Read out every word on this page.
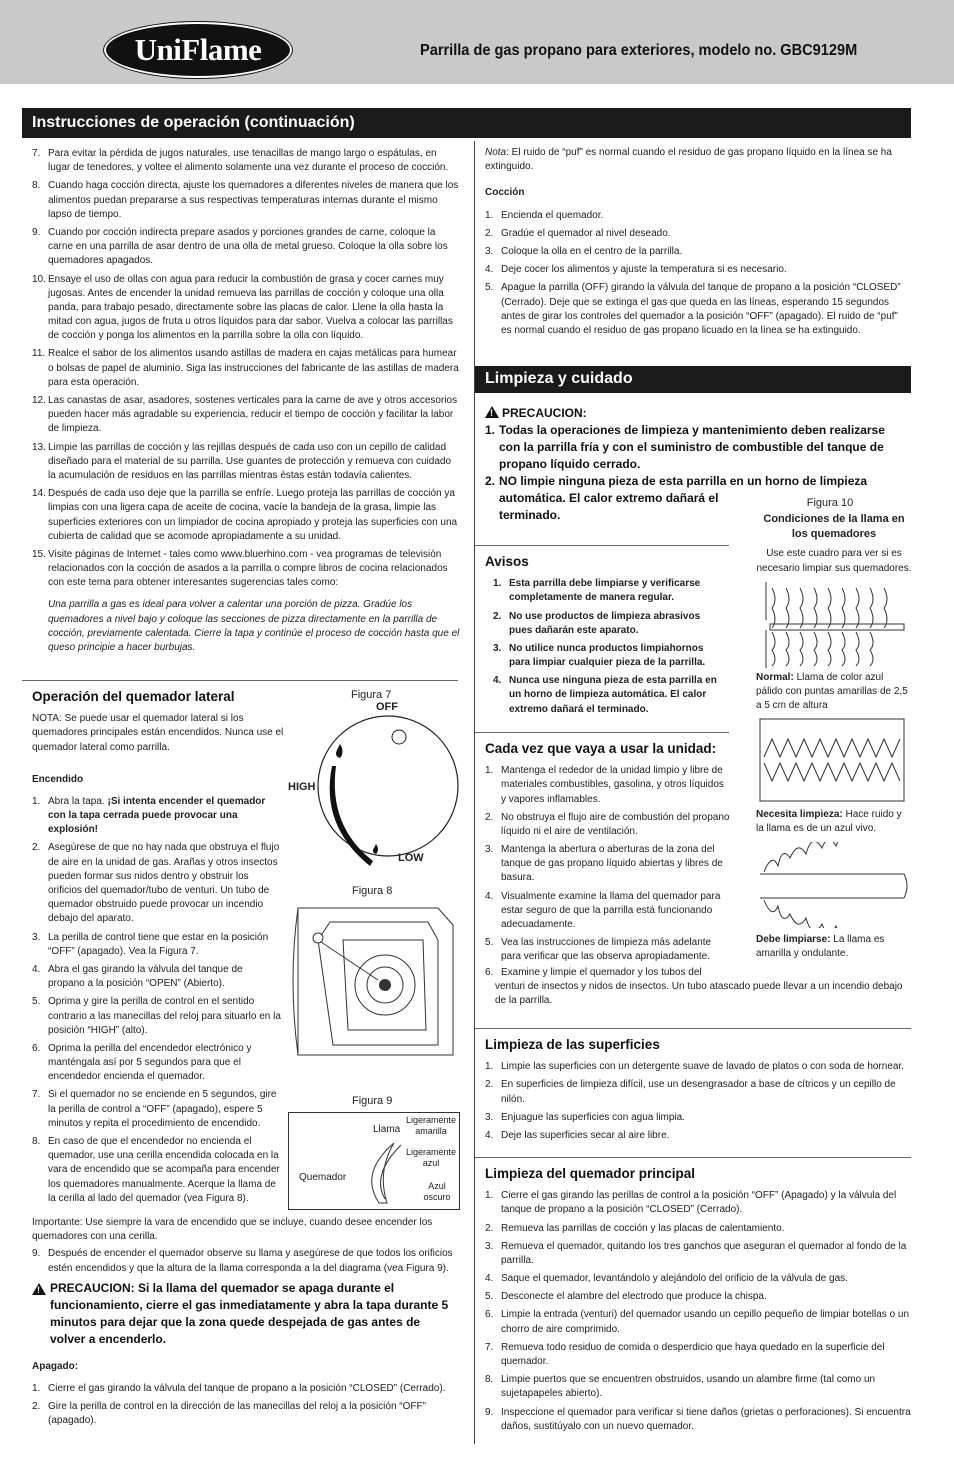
UniFlame	Parrilla de gas propano para exteriores, modelo no. GBC9129M
Instrucciones de operación (continuación)
7. Para evitar la pérdida de jugos naturales, use tenacillas de mango largo o espátulas, en lugar de tenedores, y voltee el alimento solamente una vez durante el proceso de cocción.
8. Cuando haga cocción directa, ajuste los quemadores a diferentes niveles de manera que los alimentos puedan prepararse a sus respectivas temperaturas internas durante el mismo lapso de tiempo.
9. Cuando por cocción indirecta prepare asados y porciones grandes de carne, coloque la carne en una parrilla de asar dentro de una olla de metal grueso. Coloque la olla sobre los quemadores apagados.
10. Ensaye el uso de ollas con agua para reducir la combustión de grasa y cocer carnes muy jugosas. Antes de encender la unidad remueva las parrillas de cocción y coloque una olla panda, para trabajo pesado, directamente sobre las placas de calor. Llene la olla hasta la mitad con agua, jugos de fruta u otros líquidos para dar sabor. Vuelva a colocar las parrillas de cocción y ponga los alimentos en la parrilla sobre la olla con líquido.
11. Realce el sabor de los alimentos usando astillas de madera en cajas metálicas para humear o bolsas de papel de aluminio. Siga las instrucciones del fabricante de las astillas de madera para esta operación.
12. Las canastas de asar, asadores, sostenes verticales para la carne de ave y otros accesorios pueden hacer más agradable su experiencia, reducir el tiempo de cocción y facilitar la labor de limpieza.
13. Limpie las parrillas de cocción y las rejillas después de cada uso con un cepillo de calidad diseñado para el material de su parrilla. Use guantes de protección y remueva con cuidado la acumulación de residuos en las parrillas mientras éstas están todavía calientes.
14. Después de cada uso deje que la parrilla se enfríe. Luego proteja las parrillas de cocción ya limpias con una ligera capa de aceite de cocina, vacíe la bandeja de la grasa, limpie las superficies exteriores con un limpiador de cocina apropiado y proteja las superficies con una cubierta de calidad que se acomode apropiadamente a su unidad.
15. Visite páginas de Internet - tales como www.bluerhino.com - vea programas de televisión relacionados con la cocción de asados a la parrilla o compre libros de cocina relacionados con este tema para obtener interesantes sugerencias tales como:
Una parrilla a gas es ideal para volver a calentar una porción de pizza. Gradúe los quemadores a nivel bajo y coloque las secciones de pizza directamente en la parrilla de cocción, previamente calentada. Cierre la tapa y continúe el proceso de cocción hasta que el queso principie a hacer burbujas.
Operación del quemador lateral
NOTA: Se puede usar el quemador lateral si los quemadores principales están encendidos. Nunca use el quemador lateral como parrilla.
Encendido
1. Abra la tapa. ¡Si intenta encender el quemador con la tapa cerrada puede provocar una explosión!
2. Asegúrese de que no hay nada que obstruya el flujo de aire en la unidad de gas. Arañas y otros insectos pueden formar sus nidos dentro y obstruir los orificios del quemador/tubo de venturi. Un tubo de quemador obstruido puede provocar un incendio debajo del aparato.
3. La perilla de control tiene que estar en la posición “OFF” (apagado). Vea la Figura 7.
4. Abra el gas girando la válvula del tanque de propano a la posición “OPEN” (Abierto).
5. Oprima y gire la perilla de control en el sentido contrario a las manecillas del reloj para situarlo en la posición “HIGH” (alto).
6. Oprima la perilla del encendedor electrónico y manténgala así por 5 segundos para que el encendedor encienda el quemador.
7. Si el quemador no se enciende en 5 segundos, gire la perilla de control a “OFF” (apagado), espere 5 minutos y repita el procedimiento de encendido.
8. En caso de que el encendedor no encienda el quemador, use una cerilla encendida colocada en la vara de encendido que se acompaña para encender los quemadores manualmente. Acerque la llama de la cerilla al lado del quemador (vea Figura 8).
Importante: Use siempre la vara de encendido que se incluye, cuando desee encender los quemadores con una cerilla.
9. Después de encender el quemador observe su llama y asegúrese de que todos los orificios estén encendidos y que la altura de la llama corresponda a la del diagrama (vea Figura 9).
!
PRECAUCION: Si la llama del quemador se apaga durante el funcionamiento, cierre el gas inmediatamente y abra la tapa durante 5 minutos para dejar que la zona quede despejada de gas antes de volver a encenderlo.
Apagado:
1. Cierre el gas girando la válvula del tanque de propano a la posición “CLOSED” (Cerrado).
2. Gire la perilla de control en la dirección de las manecillas del reloj a la posición “OFF” (apagado).
Figura 7
OFF
HIGH
LOW
Figura 8
Figura 9
Llama
Quemador
Ligeramente amarilla
Ligeramente azul
Azul oscuro
Nota: El ruido de “puf” es normal cuando el residuo de gas propano líquido en la línea se ha extinguido.
Cocción
1. Encienda el quemador.
2. Gradúe el quemador al nivel deseado.
3. Coloque la olla en el centro de la parrilla.
4. Deje cocer los alimentos y ajuste la temperatura si es necesario.
5. Apague la parrilla (OFF) girando la válvula del tanque de propano a la posición “CLOSED” (Cerrado). Deje que se extinga el gas que queda en las líneas, esperando 15 segundos antes de girar los controles del quemador a la posición “OFF” (apagado). El ruido de “puf” es normal cuando el residuo de gas propano licuado en la línea se ha extinguido.
Limpieza y cuidado
!PRECAUCION:
1. Todas la operaciones de limpieza y mantenimiento deben realizarse con la parrilla fría y con el suministro de combustible del tanque de propano líquido cerrado.
2. NO limpie ninguna pieza de esta parrilla en un horno de limpieza
automática. El calor extremo dañará el terminado.
Avisos
1. Esta parrilla debe limpiarse y verificarse completamente de manera regular.
2. No use productos de limpieza abrasivos pues dañarán este aparato.
3. No utilice nunca productos limpiahornos para limpiar cualquier pieza de la parrilla.
4. Nunca use ninguna pieza de esta parrilla en un horno de limpieza automática. El calor extremo dañará el terminado.
Cada vez que vaya a usar la unidad:
1. Mantenga el rededor de la unidad limpio y libre de materiales combustibles, gasolina, y otros líquidos y vapores inflamables.
2. No obstruya el flujo aire de combustión del propano líquido ni el aire de ventilación.
3. Mantenga la abertura o aberturas de la zona del tanque de gas propano líquido abiertas y libres de basura.
4. Visualmente examine la llama del quemador para estar seguro de que la parrilla está funcionando adecuadamente.
5. Vea las instrucciones de limpieza más adelante para verificar que las observa apropiadamente.
6. Examine y limpie el quemador y los tubos del
venturi de insectos y nidos de insectos. Un tubo atascado puede llevar a un incendio debajo de la parrilla.
Figura 10
Condiciones de la llama en los quemadores
Use este cuadro para ver si es necesario limpiar sus quemadores.
Normal: Llama de color azul pálido con puntas amarillas de 2,5 a 5 cm de altura
Necesita limpieza: Hace ruido y la llama es de un azul vivo.
Debe limpiarse: La llama es amarilla y ondulante.
Limpieza de las superficies
1. Limpie las superficies con un detergente suave de lavado de platos o con soda de hornear.
2. En superficies de limpieza difícil, use un desengrasador a base de cítricos y un cepillo de nilón.
3. Enjuague las superficies con agua limpia.
4. Deje las superficies secar al aire libre.
Limpieza del quemador principal
1. Cierre el gas girando las perillas de control a la posición “OFF” (Apagado) y la válvula del tanque de propano a la posición “CLOSED” (Cerrado).
2. Remueva las parrillas de cocción y las placas de calentamiento.
3. Remueva el quemador, quitando los tres ganchos que aseguran el quemador al fondo de la parrilla.
4. Saque el quemador, levantándolo y alejándolo del orificio de la válvula de gas.
5. Desconecte el alambre del electrodo que produce la chispa.
6. Limpie la entrada (venturi) del quemador usando un cepillo pequeño de limpiar botellas o un chorro de aire comprimido.
7. Remueva todo residuo de comida o desperdicio que haya quedado en la superficie del quemador.
8. Limpie puertos que se encuentren obstruidos, usando un alambre firme (tal como un sujetapapeles abierto).
9. Inspeccione el quemador para verificar si tiene daños (grietas o perforaciones). Si encuentra daños, sustitúyalo con un nuevo quemador.
